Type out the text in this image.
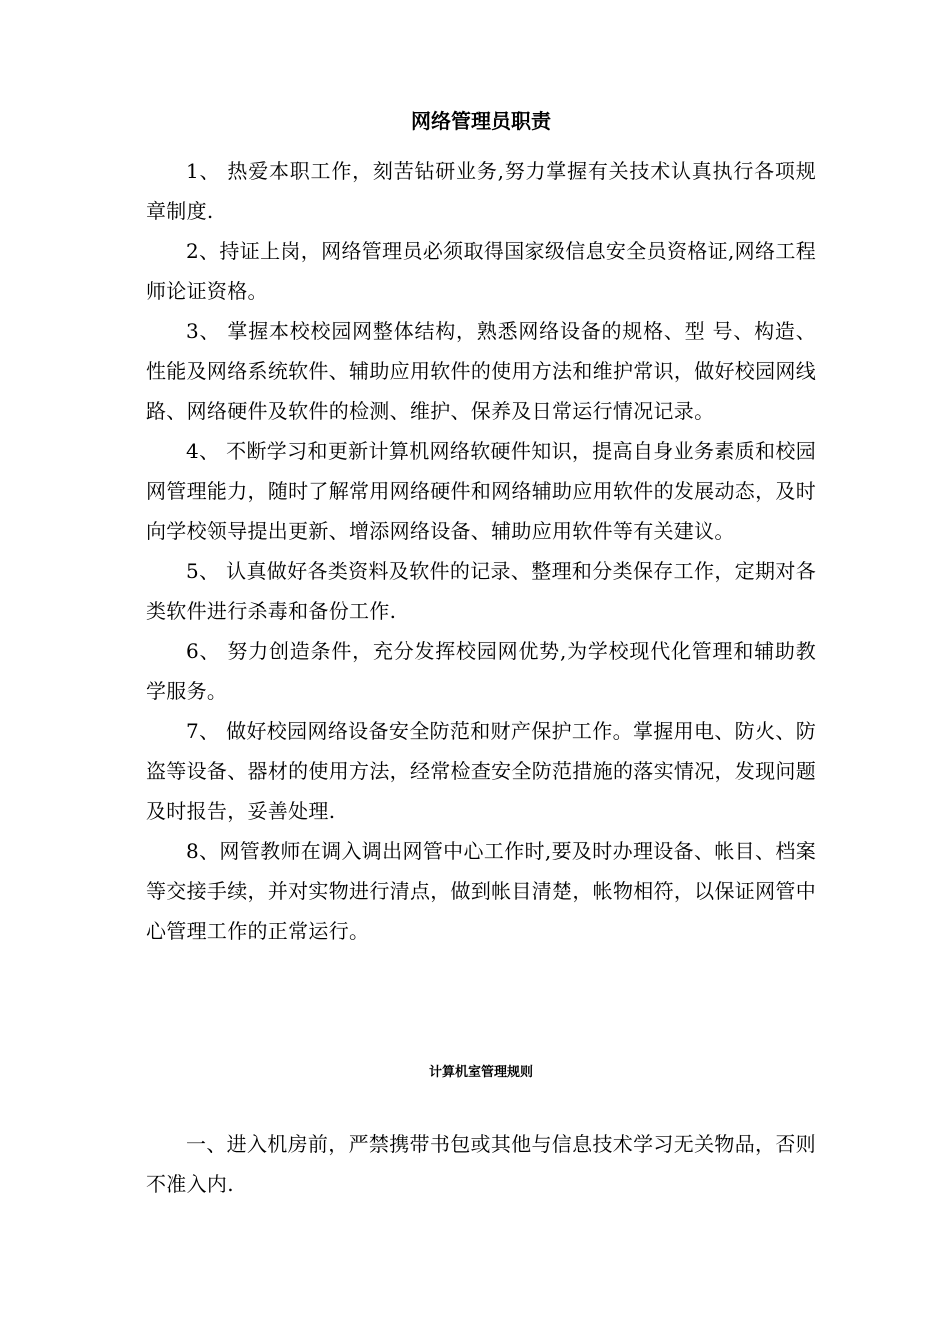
网络管理员职责

1、 热爱本职工作，刻苦钻研业务,努力掌握有关技术认真执行各项规章制度.

2、持证上岗，网络管理员必须取得国家级信息安全员资格证,网络工程师论证资格。

3、 掌握本校校园网整体结构，熟悉网络设备的规格、型 号、构造、性能及网络系统软件、辅助应用软件的使用方法和维护常识，做好校园网线路、网络硬件及软件的检测、维护、保养及日常运行情况记录。

4、 不断学习和更新计算机网络软硬件知识，提高自身业务素质和校园网管理能力，随时了解常用网络硬件和网络辅助应用软件的发展动态，及时向学校领导提出更新、增添网络设备、辅助应用软件等有关建议。

5、 认真做好各类资料及软件的记录、整理和分类保存工作，定期对各类软件进行杀毒和备份工作.

6、 努力创造条件，充分发挥校园网优势,为学校现代化管理和辅助教学服务。

7、 做好校园网络设备安全防范和财产保护工作。掌握用电、防火、防盗等设备、器材的使用方法，经常检查安全防范措施的落实情况，发现问题及时报告，妥善处理.

8、网管教师在调入调出网管中心工作时,要及时办理设备、帐目、档案等交接手续，并对实物进行清点，做到帐目清楚，帐物相符，以保证网管中心管理工作的正常运行。

计算机室管理规则

一、进入机房前，严禁携带书包或其他与信息技术学习无关物品，否则不准入内.
